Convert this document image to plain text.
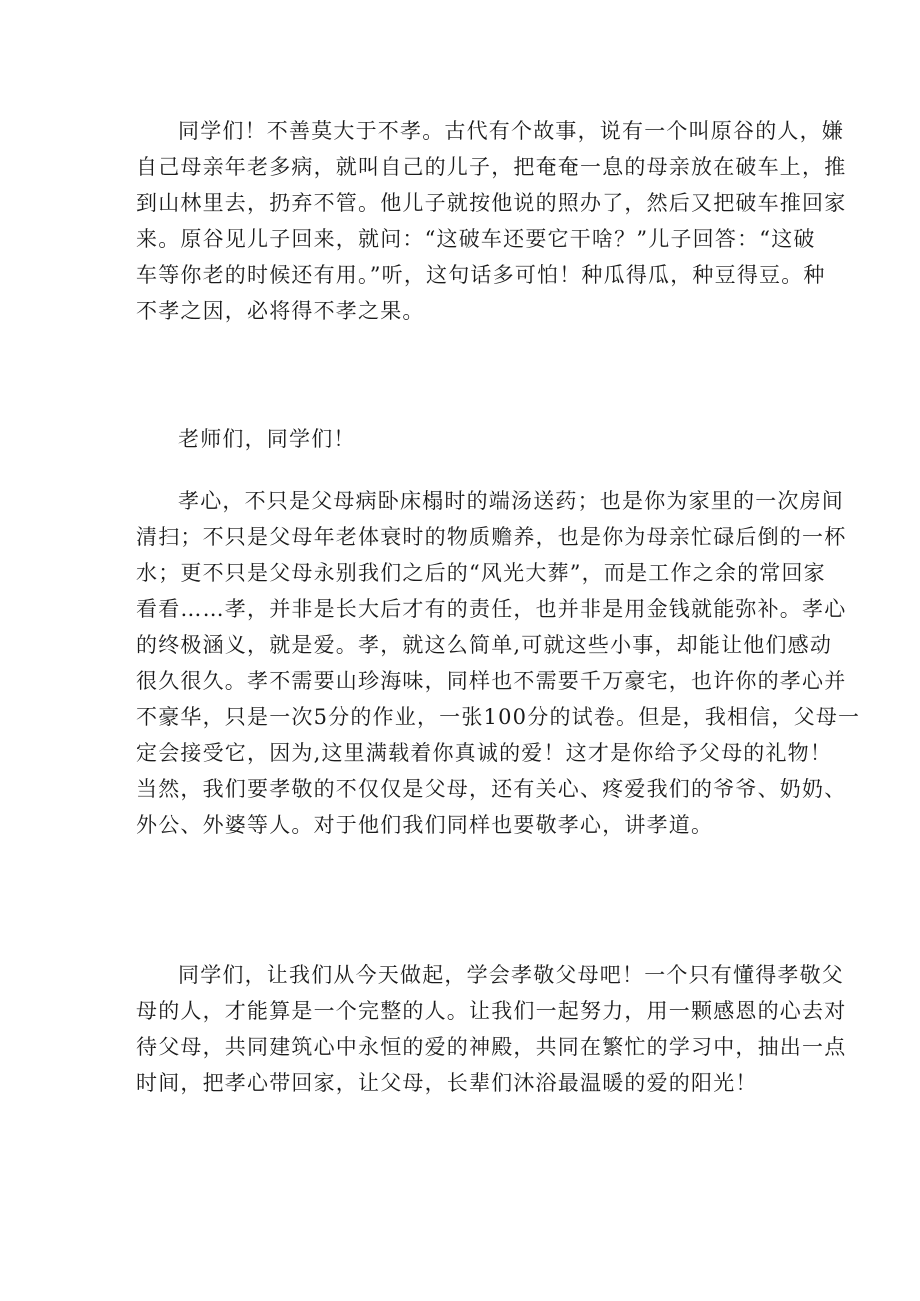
同学们！不善莫大于不孝。古代有个故事，说有一个叫原谷的人，嫌
自己母亲年老多病，就叫自己的儿子，把奄奄一息的母亲放在破车上，推
到山林里去，扔弃不管。他儿子就按他说的照办了，然后又把破车推回家
来。原谷见儿子回来，就问：“这破车还要它干啥？”儿子回答：“这破
车等你老的时候还有用。”听，这句话多可怕！种瓜得瓜，种豆得豆。种
不孝之因，必将得不孝之果。

老师们，同学们！

孝心，不只是父母病卧床榻时的端汤送药；也是你为家里的一次房间
清扫；不只是父母年老体衰时的物质赡养，也是你为母亲忙碌后倒的一杯
水；更不只是父母永别我们之后的“风光大葬”，而是工作之余的常回家
看看……孝，并非是长大后才有的责任，也并非是用金钱就能弥补。孝心
的终极涵义，就是爱。孝，就这么简单,可就这些小事，却能让他们感动
很久很久。孝不需要山珍海味，同样也不需要千万豪宅，也许你的孝心并
不豪华，只是一次5分的作业，一张100分的试卷。但是，我相信，父母一
定会接受它，因为,这里满载着你真诚的爱！这才是你给予父母的礼物！
当然，我们要孝敬的不仅仅是父母，还有关心、疼爱我们的爷爷、奶奶、
外公、外婆等人。对于他们我们同样也要敬孝心，讲孝道。

同学们，让我们从今天做起，学会孝敬父母吧！一个只有懂得孝敬父
母的人，才能算是一个完整的人。让我们一起努力，用一颗感恩的心去对
待父母，共同建筑心中永恒的爱的神殿，共同在繁忙的学习中，抽出一点
时间，把孝心带回家，让父母，长辈们沐浴最温暖的爱的阳光！
